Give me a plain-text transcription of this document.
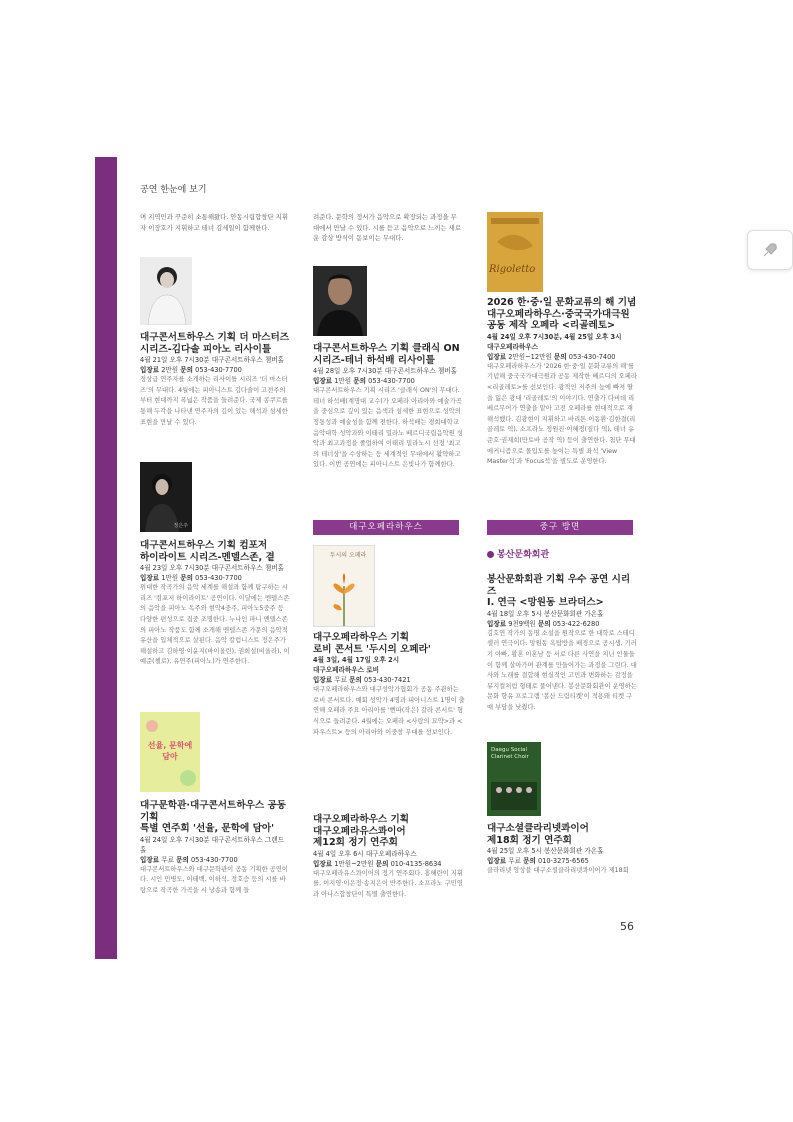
공연 한눈에 보기

며 지역민과 꾸준히 소통해왔다. 안동시립합창단 지휘자 이장호가 지휘하고 테너 김세일이 함께한다.

대구콘서트하우스 기획 더 마스터즈

시리즈-김다솔 피아노 리사이틀

4월 21일 오후 7시30분 대구콘서트하우스 챔버홀

입장료 2만원 문의 053-430-7700

정상급 연주자를 소개하는 리사이틀 시리즈 '더 마스터즈'의 무대다. 4월에는 피아니스트 김다솔이 고전주의부터 현대까지 폭넓은 작품을 들려준다. 국제 콩쿠르를 통해 두각을 나타낸 연주자의 깊이 있는 해석과 섬세한 표현을 만날 수 있다.

정은주

대구콘서트하우스 기획 컴포저

하이라이트 시리즈-멘델스존, 곁

4월 23일 오후 7시30분 대구콘서트하우스 챔버홀

입장료 1만원 문의 053-430-7700

위대한 작곡가의 음악 세계를 해설과 함께 탐구하는 시리즈 '컴포저 하이라이트' 공연이다. 이달에는 멘델스존의 음악을 피아노 독주와 현악4중주, 피아노5중주 등 다양한 편성으로 집중 조명한다. 누나인 파니 멘델스존의 피아노 작품도 함께 소개해 멘델스존 가문의 음악적 유산을 입체적으로 살핀다. 음악 칼럼니스트 정은주가 해설하고 김하영·이윤지(바이올린), 권희설(비올라), 이예준(첼로), 유연주(피아노)가 연주한다.

선율, 문학에 담아

대구문학관·대구콘서트하우스 공동 기획

특별 연주회 '선율, 문학에 담아'

4월 24일 오후 7시30분 대구콘서트하우스 그랜드홀

입장료 무료 문의 053-430-7700

대구콘서트하우스와 대구문학관이 공동 기획한 공연이다. 시인 민병도, 이태백, 이하석, 정호승 등의 시를 바탕으로 작곡한 가곡을 시 낭송과 함께 들

려준다. 문학의 정서가 음악으로 확장되는 과정을 무대에서 만날 수 있다. 시를 듣고 음악으로 느끼는 새로운 감상 방식이 돋보이는 무대다.

대구콘서트하우스 기획 클래식 ON

시리즈-테너 하석배 리사이틀

4월 28일 오후 7시30분 대구콘서트하우스 챔버홀

입장료 1만원 문의 053-430-7700

대구콘서트하우스 기획 시리즈 '클래식 ON'의 무대다. 테너 하석배(계명대 교수)가 오페라 아리아와 예술가곡을 중심으로 깊이 있는 음색과 섬세한 표현으로 성악의 정통성과 예술성을 함께 전한다. 하석배는 경희대학교 음악대학 성악과와 이태리 밀라노 베르디국립음악원 성악과 최고과정을 졸업하여 이태리 밀라노시 선정 '최고의 테너상'을 수상하는 등 세계적인 무대에서 활약하고 있다. 이번 공연에는 피아니스트 은빛나가 함께한다.

대구오페라하우스
두시의 오페라

대구오페라하우스 기획

로비 콘서트 '두시의 오페라'

4월 3일, 4월 17일 오후 2시

대구오페라하우스 로비

입장료 무료 문의 053-430-7421

대구오페라하우스와 대구성악가협회가 공동 주관하는 로비 콘서트다. 매회 성악가 4명과 피아니스트 1명이 출연해 오페라 주요 아리아를 '뻔따(작은) 갈라 콘서트' 형식으로 들려준다. 4월에는 오페라 <사랑의 묘약>과 <파우스트> 등의 아리아와 이중창 무대를 선보인다.

대구오페라하우스 기획

대구오페라유스콰이어

제12회 정기 연주회

4월 4일 오후 6시 대구오페라하우스

입장료 1만원~2만원 문의 010-4135-8634

대구오페라유스콰이어의 정기 연주회다. 홍혜란이 지휘를, 이지영·이은정·송지은이 반주한다. 소프라노 구민영과 아나스합창단이 특별 출연한다.

Rigoletto

2026 한·중·일 문화교류의 해 기념

대구오페라하우스·중국국가대극원

공동 제작 오페라 <리골레토>

4월 24일 오후 7시30분, 4월 25일 오후 3시

대구오페라하우스

입장료 2만원~12만원 문의 053-430-7400

대구오페라하우스가 '2026 한·중·일 문화교류의 해'를 기념해 중국국가대극원과 공동 제작한 베르디의 오페라 <리골레토>를 선보인다. 광적인 저주의 늪에 빠져 딸을 잃은 광대 '리골레토'의 이야기다. 연출가 다비데 리베르무어가 연출을 맡아 고전 오페라를 현대적으로 재해석했다. 김광현이 지휘하고 바리톤 이동환·김한결(리골레토 역), 소프라노 정원진·이혜정(질다 역), 테너 유준호·권재희(만토바 공작 역) 등이 출연한다. 첨단 무대 메커니즘으로 몰입도를 높이는 특별 좌석 'View Master석'과 'Focus석'을 별도로 운영한다.

중구 방면
봉산문화회관

봉산문화회관 기획 우수 공연 시리즈

Ⅰ. 연극 <망원동 브라더스>

4월 18일 오후 5시 봉산문화회관 가온홀

입장료 9천9백원 문의 053-422-6280

김호연 작가의 동명 소설을 원작으로 한 대학로 스테디셀러 연극이다. 망원동 옥탑방을 배경으로 공시생, 기러기 아빠, 황혼 이혼남 등 서로 다른 사연을 지닌 인물들이 함께 살아가며 관계를 만들어가는 과정을 그린다. 대사와 노래를 결합해 현실적인 고민과 변화하는 감정을 뮤지컬처럼 형태로 풀어낸다. 봉산문화회관이 운영하는 문화 향유 프로그램 '봉산 드림티켓'이 적용돼 티켓 구매 부담을 낮췄다.

Daegu Social Clarinet Choir

대구소셜클라리넷콰이어

제18회 정기 연주회

4월 25일 오후 5시 봉산문화회관 가온홀

입장료 무료 문의 010-3275-6565

클라리넷 앙상블 대구소셜클라리넷콰이어가 제18회

56
